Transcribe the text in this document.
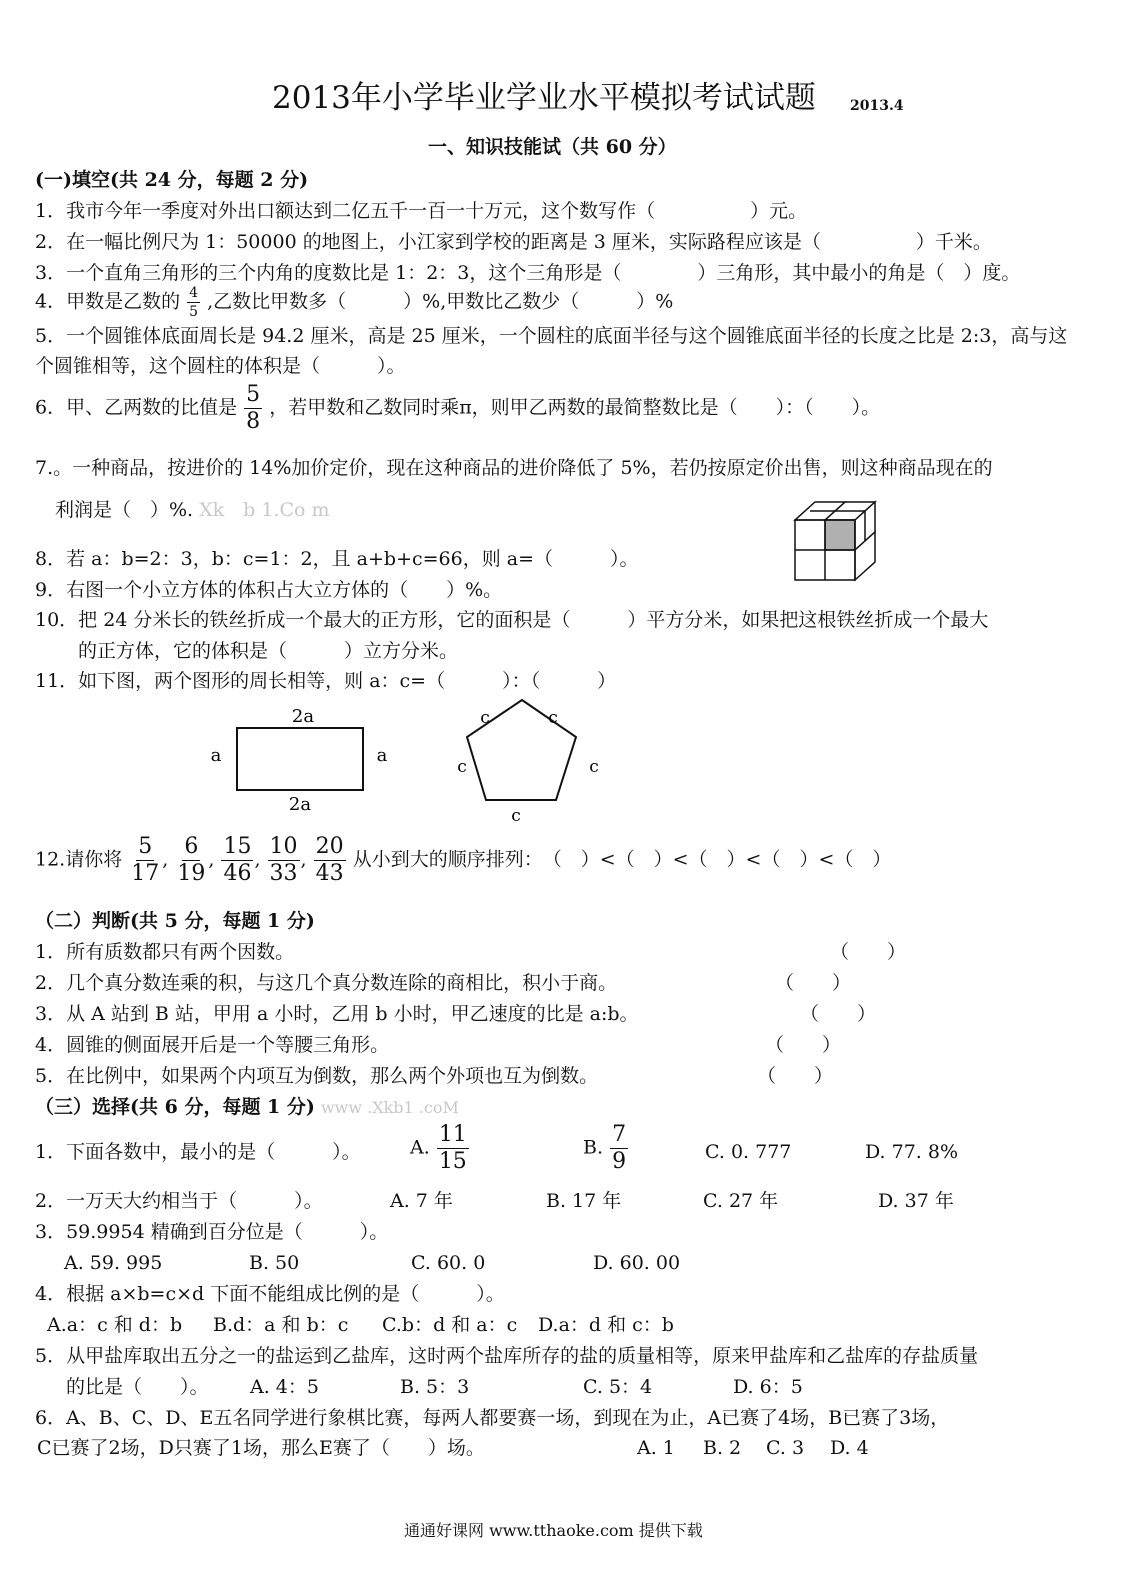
2013年小学毕业学业水平模拟考试试题 2013.4
一、知识技能试（共 60 分）
(一)填空(共 24 分，每题 2 分)
1．我市今年一季度对外出口额达到二亿五千一百一十万元，这个数写作（　　　　　）元。
2．在一幅比例尺为 1：50000 的地图上，小江家到学校的距离是 3 厘米，实际路程应该是（　　　　　）千米。
3．一个直角三角形的三个内角的度数比是 1：2：3，这个三角形是（　　　　）三角形，其中最小的角是（　）度。
4．甲数是乙数的 $\frac{4}{5}$ ,乙数比甲数多（　　　）%,甲数比乙数少（　　　）%
5．一个圆锥体底面周长是 94.2 厘米，高是 25 厘米，一个圆柱的底面半径与这个圆锥底面半径的长度之比是 2:3，高与这
个圆锥相等，这个圆柱的体积是（　　　）。
6．甲、乙两数的比值是 $\frac{5}{8}$ ，若甲数和乙数同时乘π，则甲乙两数的最简整数比是（　　）：（　　）。
7.。一种商品，按进价的 14%加价定价，现在这种商品的进价降低了 5%，若仍按原定价出售，则这种商品现在的
利润是（　）%. Xk　b 1.Co m
8．若 a：b=2：3，b：c=1：2，且 a+b+c=66，则 a=（　　　）。
9．右图一个小立方体的体积占大立方体的（　　）%。
10．把 24 分米长的铁丝折成一个最大的正方形，它的面积是（　　　）平方分米，如果把这根铁丝折成一个最大
的正方体，它的体积是（　　　）立方分米。
11．如下图，两个图形的周长相等，则 a：c=（　　　）：（　　　）
2a
2a
a	a
c	c
c	c
c
12.请你将 $\frac{5}{17}$ , $\frac{6}{19}$ , $\frac{15}{46}$ , $\frac{10}{33}$ , $\frac{20}{43}$ 从小到大的顺序排列：　（　）<（　）<（　）<（　）<（　）
（二）判断(共 5 分，每题 1 分)
1．所有质数都只有两个因数。	（　　）
2．几个真分数连乘的积，与这几个真分数连除的商相比，积小于商。	（　　）
3．从 A 站到 B 站，甲用 a 小时，乙用 b 小时，甲乙速度的比是 a:b。	（　　）
4．圆锥的侧面展开后是一个等腰三角形。	（　　）
5．在比例中，如果两个内项互为倒数，那么两个外项也互为倒数。	（　　）
（三）选择(共 6 分，每题 1 分) www .Xkb1 .coM
1．下面各数中，最小的是（　　　）。	A. $\frac{11}{15}$	B. $\frac{7}{9}$	C. 0. 777	D. 77. 8%
2．一万天大约相当于（　　　）。	A. 7 年	B. 17 年	C. 27 年	D. 37 年
3．59.9954 精确到百分位是（　　　）。
A. 59. 995	B. 50	C. 60. 0	D. 60. 00
4．根据 a×b=c×d 下面不能组成比例的是（　　　）。
A.a：c 和 d：b B.d：a 和 b：c C.b：d 和 a：c D.a：d 和 c：b
5．从甲盐库取出五分之一的盐运到乙盐库，这时两个盐库所存的盐的质量相等，原来甲盐库和乙盐库的存盐质量
的比是（　　）。 A. 4：5	B. 5：3	C. 5：4	D. 6：5
6．A、B、C、D、E五名同学进行象棋比赛，每两人都要赛一场，到现在为止，A已赛了4场，B已赛了3场，
C已赛了2场，D只赛了1场，那么E赛了（　　）场。	A. 1 B. 2 C. 3 D. 4
通通好课网 www.tthaoke.com 提供下载
